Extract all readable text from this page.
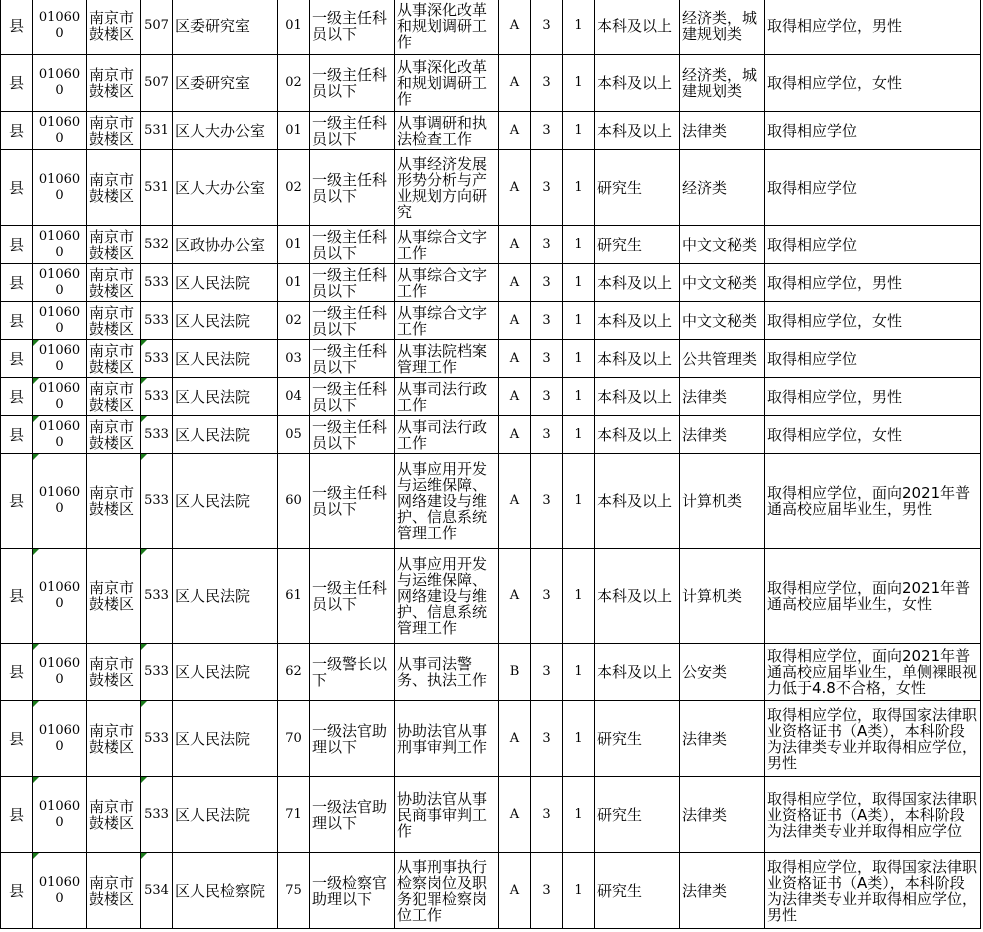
县	010600	南京市鼓楼区	507	区委研究室	01	一级主任科员以下	从事深化改革和规划调研工作	A	3	1	本科及以上	经济类，城建规划类	取得相应学位，男性
县	010600	南京市鼓楼区	507	区委研究室	02	一级主任科员以下	从事深化改革和规划调研工作	A	3	1	本科及以上	经济类，城建规划类	取得相应学位，女性
县	010600	南京市鼓楼区	531	区人大办公室	01	一级主任科员以下	从事调研和执法检查工作	A	3	1	本科及以上	法律类	取得相应学位
县	010600	南京市鼓楼区	531	区人大办公室	02	一级主任科员以下	从事经济发展形势分析与产业规划方向研究	A	3	1	研究生	经济类	取得相应学位
县	010600	南京市鼓楼区	532	区政协办公室	01	一级主任科员以下	从事综合文字工作	A	3	1	研究生	中文文秘类	取得相应学位
县	010600	南京市鼓楼区	533	区人民法院	01	一级主任科员以下	从事综合文字工作	A	3	1	本科及以上	中文文秘类	取得相应学位，男性
县	010600	南京市鼓楼区	533	区人民法院	02	一级主任科员以下	从事综合文字工作	A	3	1	本科及以上	中文文秘类	取得相应学位，女性
县	010600	南京市鼓楼区	533	区人民法院	03	一级主任科员以下	从事法院档案管理工作	A	3	1	本科及以上	公共管理类	取得相应学位
县	010600	南京市鼓楼区	533	区人民法院	04	一级主任科员以下	从事司法行政工作	A	3	1	本科及以上	法律类	取得相应学位，男性
县	010600	南京市鼓楼区	533	区人民法院	05	一级主任科员以下	从事司法行政工作	A	3	1	本科及以上	法律类	取得相应学位，女性
县	010600	南京市鼓楼区	533	区人民法院	60	一级主任科员以下	从事应用开发与运维保障、网络建设与维护、信息系统管理工作	A	3	1	本科及以上	计算机类	取得相应学位，面向2021年普通高校应届毕业生，男性
县	010600	南京市鼓楼区	533	区人民法院	61	一级主任科员以下	从事应用开发与运维保障、网络建设与维护、信息系统管理工作	A	3	1	本科及以上	计算机类	取得相应学位，面向2021年普通高校应届毕业生，女性
县	010600	南京市鼓楼区	533	区人民法院	62	一级警长以下	从事司法警务、执法工作	B	3	1	本科及以上	公安类	取得相应学位，面向2021年普通高校应届毕业生，单侧裸眼视力低于4.8不合格，女性
县	010600	南京市鼓楼区	533	区人民法院	70	一级法官助理以下	协助法官从事刑事审判工作	A	3	1	研究生	法律类	取得相应学位，取得国家法律职业资格证书（A类），本科阶段为法律类专业并取得相应学位，男性
县	010600	南京市鼓楼区	533	区人民法院	71	一级法官助理以下	协助法官从事民商事审判工作	A	3	1	研究生	法律类	取得相应学位，取得国家法律职业资格证书（A类），本科阶段为法律类专业并取得相应学位
县	010600	南京市鼓楼区	534	区人民检察院	75	一级检察官助理以下	从事刑事执行检察岗位及职务犯罪检察岗位工作	A	3	1	研究生	法律类	取得相应学位，取得国家法律职业资格证书（A类），本科阶段为法律类专业并取得相应学位，男性
